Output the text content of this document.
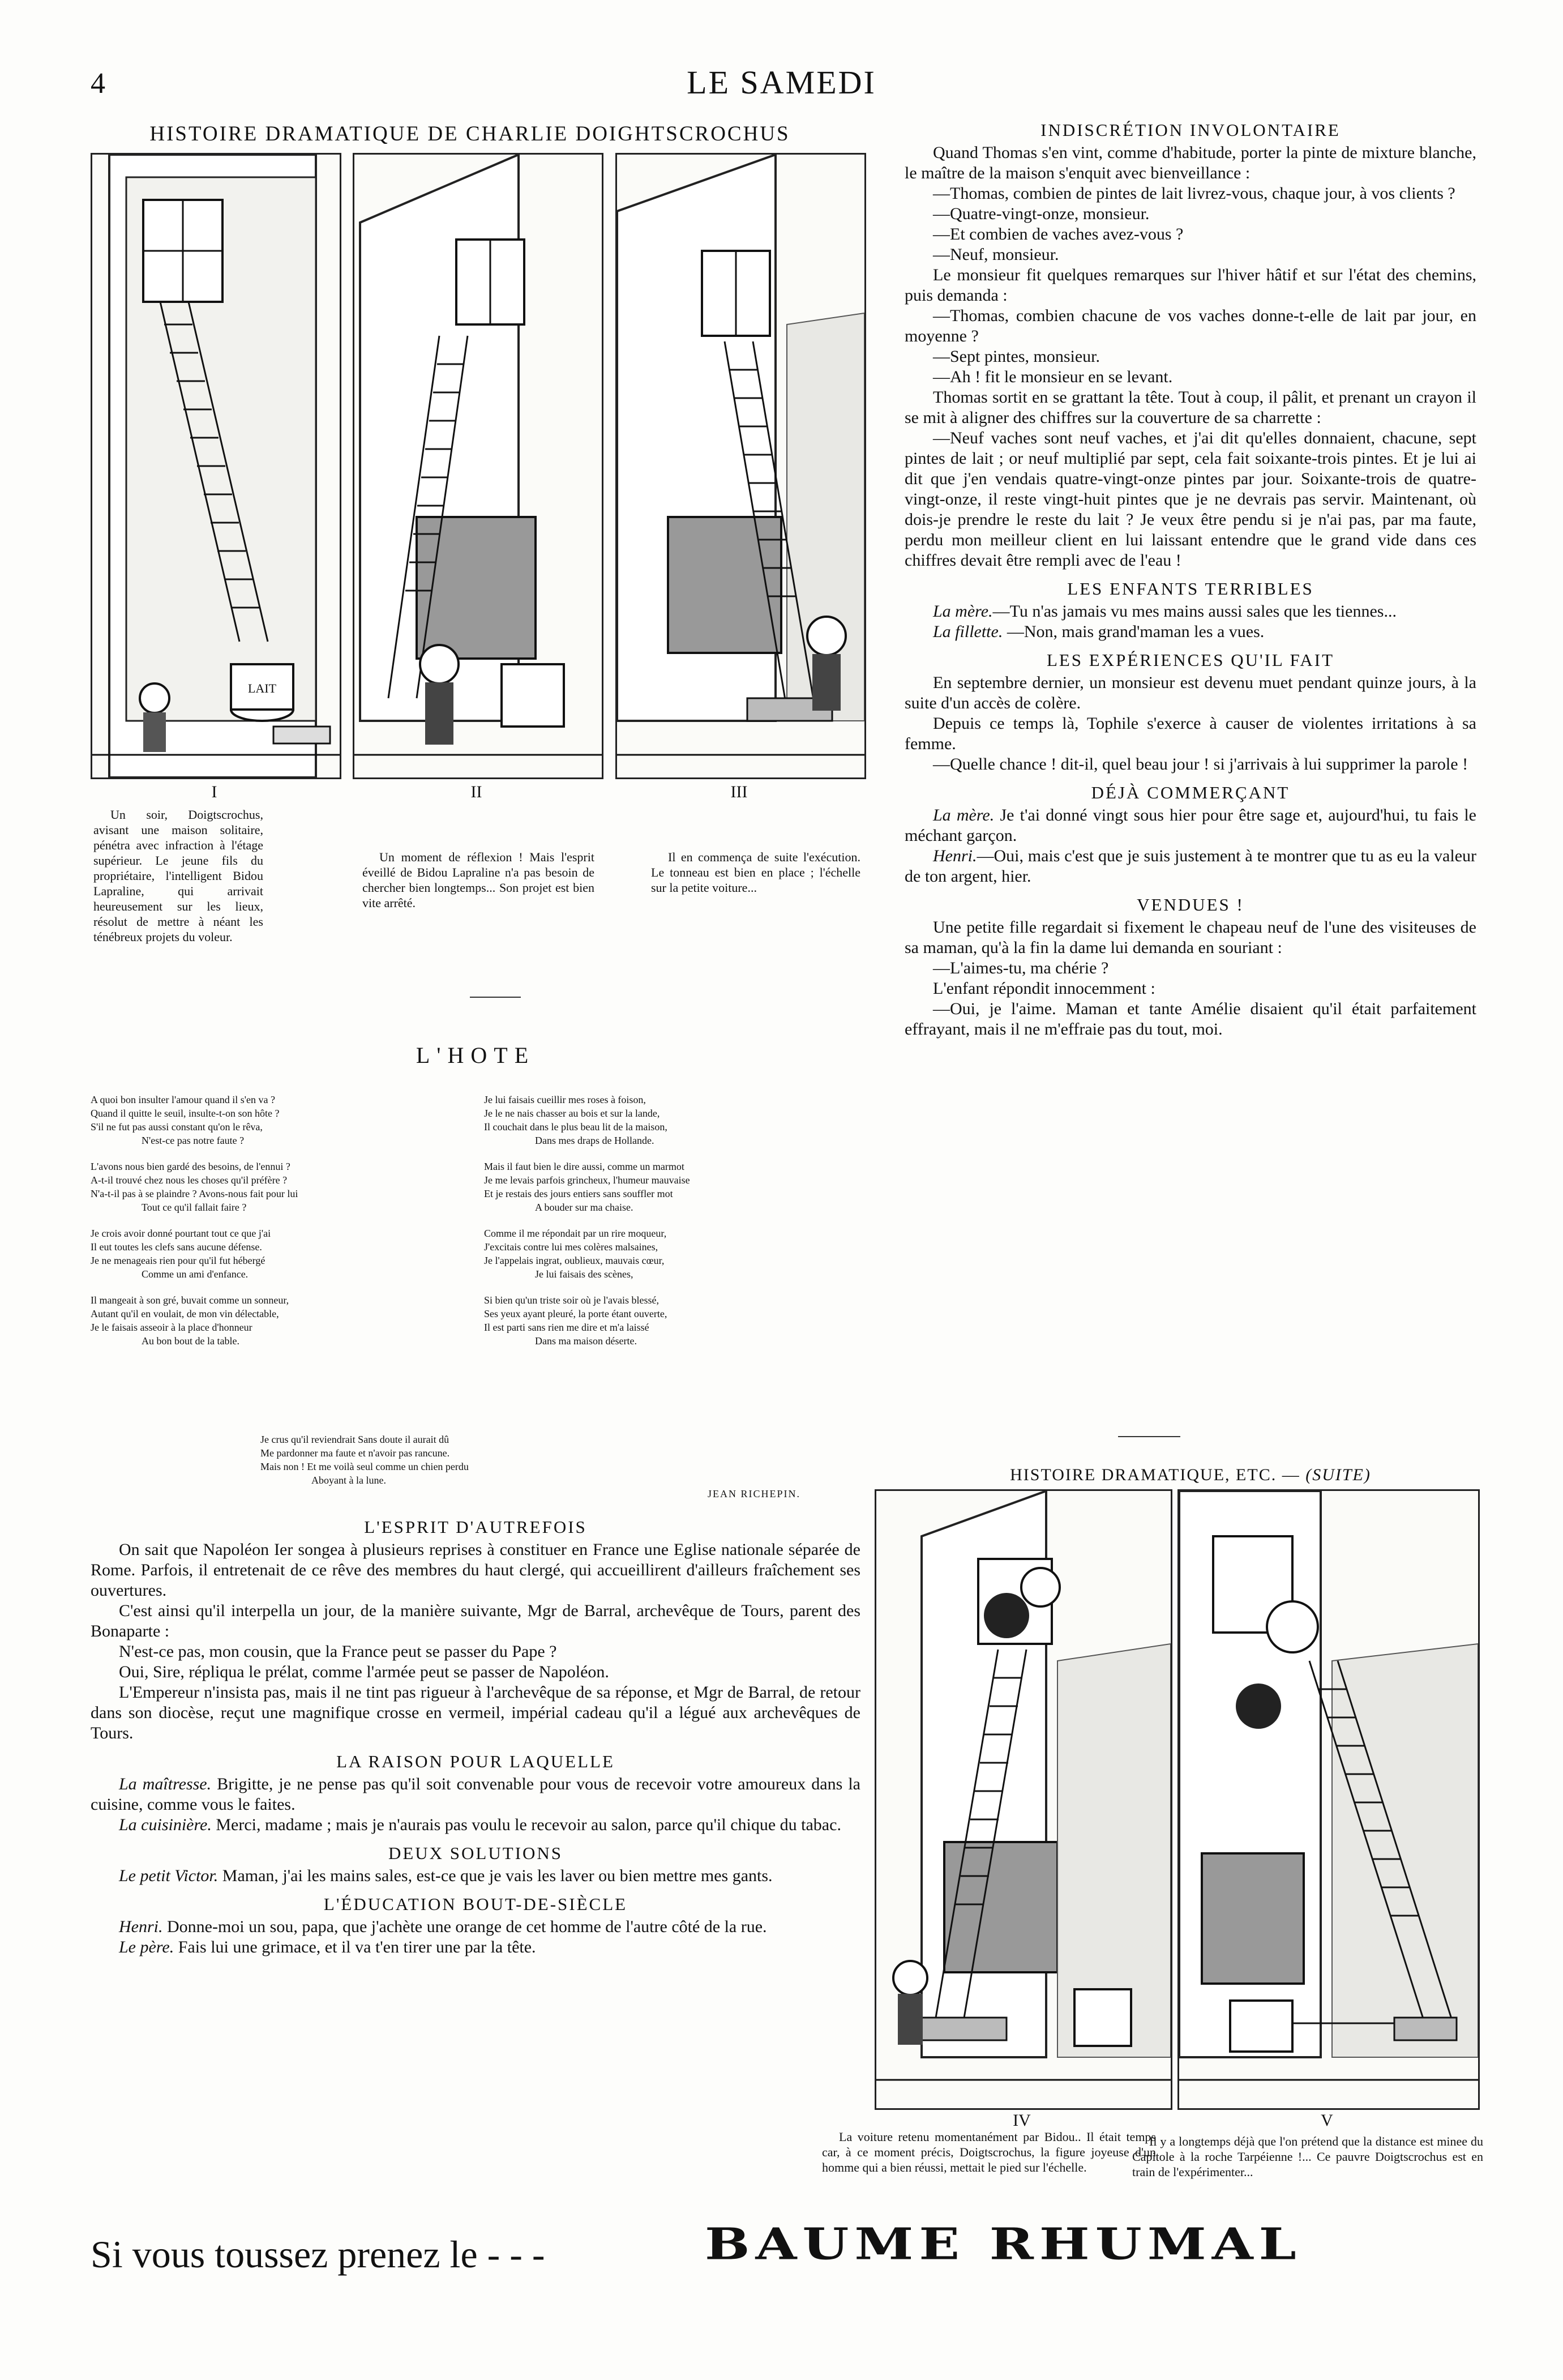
4	LE SAMEDI
HISTOIRE DRAMATIQUE DE CHARLIE DOIGHTSCROCHUS
LAIT
I	II	III

Un soir, Doigtscrochus, avisant une maison solitaire, pénétra avec infraction à l'étage supérieur. Le jeune fils du propriétaire, l'intelligent Bidou Lapraline, qui arrivait heureusement sur les lieux, résolut de mettre à néant les ténébreux projets du voleur.

Un moment de réflexion ! Mais l'esprit éveillé de Bidou Lapraline n'a pas besoin de chercher bien longtemps... Son projet est bien vite arrêté.

Il en commença de suite l'exécution. Le tonneau est bien en place ; l'échelle sur la petite voiture...

L'HOTE
A quoi bon insulter l'amour quand il s'en va ?
Quand il quitte le seuil, insulte-t-on son hôte ?
S'il ne fut pas aussi constant qu'on le rêva,
N'est-ce pas notre faute ?
L'avons nous bien gardé des besoins, de l'ennui ?
A-t-il trouvé chez nous les choses qu'il préfère ?
N'a-t-il pas à se plaindre ? Avons-nous fait pour lui
Tout ce qu'il fallait faire ?
Je crois avoir donné pourtant tout ce que j'ai
Il eut toutes les clefs sans aucune défense.
Je ne menageais rien pour qu'il fut hébergé
Comme un ami d'enfance.
Il mangeait à son gré, buvait comme un sonneur,
Autant qu'il en voulait, de mon vin délectable,
Je le faisais asseoir à la place d'honneur
Au bon bout de la table.
Je lui faisais cueillir mes roses à foison,
Je le ne nais chasser au bois et sur la lande,
Il couchait dans le plus beau lit de la maison,
Dans mes draps de Hollande.
Mais il faut bien le dire aussi, comme un marmot
Je me levais parfois grincheux, l'humeur mauvaise
Et je restais des jours entiers sans souffler mot
A bouder sur ma chaise.
Comme il me répondait par un rire moqueur,
J'excitais contre lui mes colères malsaines,
Je l'appelais ingrat, oublieux, mauvais cœur,
Je lui faisais des scènes,
Si bien qu'un triste soir où je l'avais blessé,
Ses yeux ayant pleuré, la porte étant ouverte,
Il est parti sans rien me dire et m'a laissé
Dans ma maison déserte.
Je crus qu'il reviendrait Sans doute il aurait dû
Me pardonner ma faute et n'avoir pas rancune.
Mais non ! Et me voilà seul comme un chien perdu
Aboyant à la lune.
JEAN RICHEPIN.
L'ESPRIT D'AUTREFOIS

On sait que Napoléon Ier songea à plusieurs reprises à constituer en France une Eglise nationale séparée de Rome. Parfois, il entretenait de ce rêve des membres du haut clergé, qui accueillirent d'ailleurs fraîchement ses ouvertures.

C'est ainsi qu'il interpella un jour, de la manière suivante, Mgr de Barral, archevêque de Tours, parent des Bonaparte :

N'est-ce pas, mon cousin, que la France peut se passer du Pape ?

Oui, Sire, répliqua le prélat, comme l'armée peut se passer de Napoléon.

L'Empereur n'insista pas, mais il ne tint pas rigueur à l'archevêque de sa réponse, et Mgr de Barral, de retour dans son diocèse, reçut une magnifique crosse en vermeil, impérial cadeau qu'il a légué aux archevêques de Tours.

LA RAISON POUR LAQUELLE

La maîtresse. Brigitte, je ne pense pas qu'il soit convenable pour vous de recevoir votre amoureux dans la cuisine, comme vous le faites.

La cuisinière. Merci, madame ; mais je n'aurais pas voulu le recevoir au salon, parce qu'il chique du tabac.

DEUX SOLUTIONS

Le petit Victor. Maman, j'ai les mains sales, est-ce que je vais les laver ou bien mettre mes gants.

L'ÉDUCATION BOUT-DE-SIÈCLE

Henri. Donne-moi un sou, papa, que j'achète une orange de cet homme de l'autre côté de la rue.

Le père. Fais lui une grimace, et il va t'en tirer une par la tête.

INDISCRÉTION INVOLONTAIRE

Quand Thomas s'en vint, comme d'habitude, porter la pinte de mixture blanche, le maître de la maison s'enquit avec bienveillance :

—Thomas, combien de pintes de lait livrez-vous, chaque jour, à vos clients ?

—Quatre-vingt-onze, monsieur.

—Et combien de vaches avez-vous ?

—Neuf, monsieur.

Le monsieur fit quelques remarques sur l'hiver hâtif et sur l'état des chemins, puis demanda :

—Thomas, combien chacune de vos vaches donne-t-elle de lait par jour, en moyenne ?

—Sept pintes, monsieur.

—Ah ! fit le monsieur en se levant.

Thomas sortit en se grattant la tête. Tout à coup, il pâlit, et prenant un crayon il se mit à aligner des chiffres sur la couverture de sa charrette :

—Neuf vaches sont neuf vaches, et j'ai dit qu'elles donnaient, chacune, sept pintes de lait ; or neuf multiplié par sept, cela fait soixante-trois pintes. Et je lui ai dit que j'en vendais quatre-vingt-onze pintes par jour. Soixante-trois de quatre-vingt-onze, il reste vingt-huit pintes que je ne devrais pas servir. Maintenant, où dois-je prendre le reste du lait ? Je veux être pendu si je n'ai pas, par ma faute, perdu mon meilleur client en lui laissant entendre que le grand vide dans ces chiffres devait être rempli avec de l'eau !

LES ENFANTS TERRIBLES

La mère.—Tu n'as jamais vu mes mains aussi sales que les tiennes...

La fillette. —Non, mais grand'maman les a vues.

LES EXPÉRIENCES QU'IL FAIT

En septembre dernier, un monsieur est devenu muet pendant quinze jours, à la suite d'un accès de colère.

Depuis ce temps là, Tophile s'exerce à causer de violentes irritations à sa femme.

—Quelle chance ! dit-il, quel beau jour ! si j'arrivais à lui supprimer la parole !

DÉJÀ COMMERÇANT

La mère. Je t'ai donné vingt sous hier pour être sage et, aujourd'hui, tu fais le méchant garçon.

Henri.—Oui, mais c'est que je suis justement à te montrer que tu as eu la valeur de ton argent, hier.

VENDUES !

Une petite fille regardait si fixement le chapeau neuf de l'une des visiteuses de sa maman, qu'à la fin la dame lui demanda en souriant :

—L'aimes-tu, ma chérie ?

L'enfant répondit innocemment :

—Oui, je l'aime. Maman et tante Amélie disaient qu'il était parfaitement effrayant, mais il ne m'effraie pas du tout, moi.

HISTOIRE DRAMATIQUE, ETC. — (SUITE)
IV	V

La voiture retenu momentanément par Bidou.. Il était temps car, à ce moment précis, Doigtscrochus, la figure joyeuse d'un homme qui a bien réussi, mettait le pied sur l'échelle.

Il y a longtemps déjà que l'on prétend que la distance est minee du Capitole à la roche Tarpéienne !... Ce pauvre Doigtscrochus est en train de l'expérimenter...

Si vous toussez prenez le - - -	BAUME RHUMAL
